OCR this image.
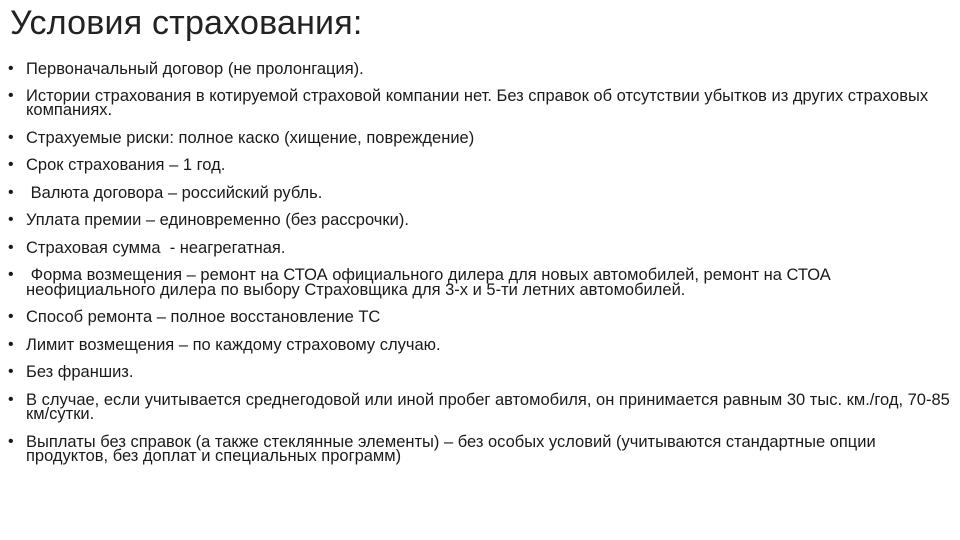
Условия страхования:
• Первоначальный договор (не пролонгация).
• Истории страхования в котируемой страховой компании нет. Без справок об отсутствии убытков из других страховых компаниях.
• Страхуемые риски: полное каско (хищение, повреждение)
• Срок страхования – 1 год.
• Валюта договора – российский рубль.
• Уплата премии – единовременно (без рассрочки).
• Страховая сумма  - неагрегатная.
• Форма возмещения – ремонт на СТОА официального дилера для новых автомобилей, ремонт на СТОА неофициального дилера по выбору Страховщика для 3-х и 5-ти летних автомобилей.
• Способ ремонта – полное восстановление ТС
• Лимит возмещения – по каждому страховому случаю.
• Без франшиз.
• В случае, если учитывается среднегодовой или иной пробег автомобиля, он принимается равным 30 тыс. км./год, 70-85 км/сутки.
• Выплаты без справок (а также стеклянные элементы) – без особых условий (учитываются стандартные опции продуктов, без доплат и специальных программ)
